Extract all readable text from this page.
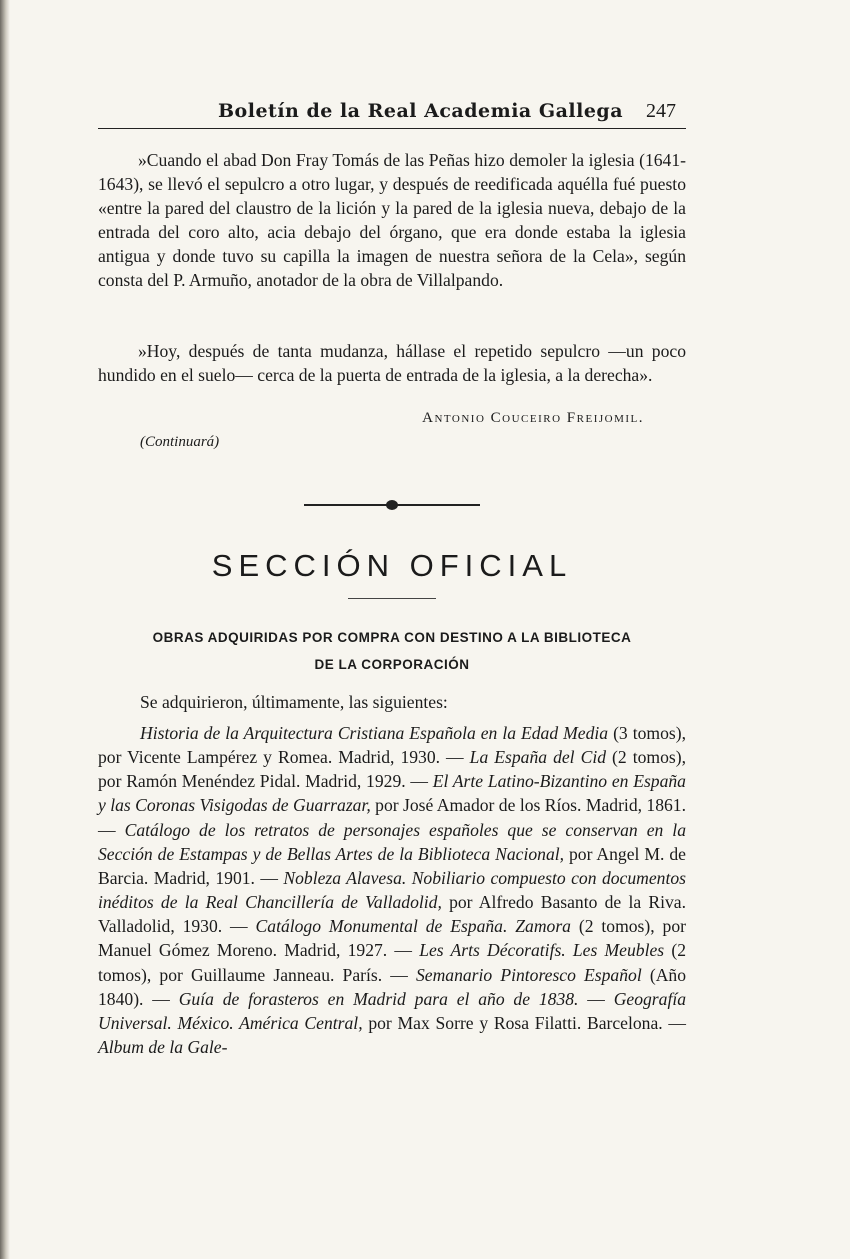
Boletín de la Real Academia Gallega 247

»Cuando el abad Don Fray Tomás de las Peñas hizo demoler la iglesia (1641-1643), se llevó el sepulcro a otro lugar, y después de reedificada aquélla fué puesto «entre la pared del claustro de la lición y la pared de la iglesia nueva, debajo de la entrada del coro alto, acia debajo del órgano, que era donde estaba la iglesia antigua y donde tuvo su capilla la imagen de nuestra señora de la Cela», según consta del P. Armuño, anotador de la obra de Villalpando.

»Hoy, después de tanta mudanza, hállase el repetido sepulcro —un poco hundido en el suelo— cerca de la puerta de entrada de la iglesia, a la derecha».

Antonio Couceiro Freijomil.
(Continuará)
SECCIÓN OFICIAL
OBRAS ADQUIRIDAS POR COMPRA CON DESTINO A LA BIBLIOTECA
DE LA CORPORACIÓN

Se adquirieron, últimamente, las siguientes:

Historia de la Arquitectura Cristiana Española en la Edad Media (3 tomos), por Vicente Lampérez y Romea. Madrid, 1930. — La España del Cid (2 tomos), por Ramón Menéndez Pidal. Madrid, 1929. — El Arte Latino-Bizantino en España y las Coronas Visigodas de Guarrazar, por José Amador de los Ríos. Madrid, 1861. — Catálogo de los retratos de personajes españoles que se conservan en la Sección de Estampas y de Bellas Artes de la Biblioteca Nacional, por Angel M. de Barcia. Madrid, 1901. — Nobleza Alavesa. Nobiliario compuesto con documentos inéditos de la Real Chancillería de Valladolid, por Alfredo Basanto de la Riva. Valladolid, 1930. — Catálogo Monumental de España. Zamora (2 tomos), por Manuel Gómez Moreno. Madrid, 1927. — Les Arts Décoratifs. Les Meubles (2 tomos), por Guillaume Janneau. París. — Semanario Pintoresco Español (Año 1840). — Guía de forasteros en Madrid para el año de 1838. — Geografía Universal. México. América Central, por Max Sorre y Rosa Filatti. Barcelona. — Album de la Gale-
